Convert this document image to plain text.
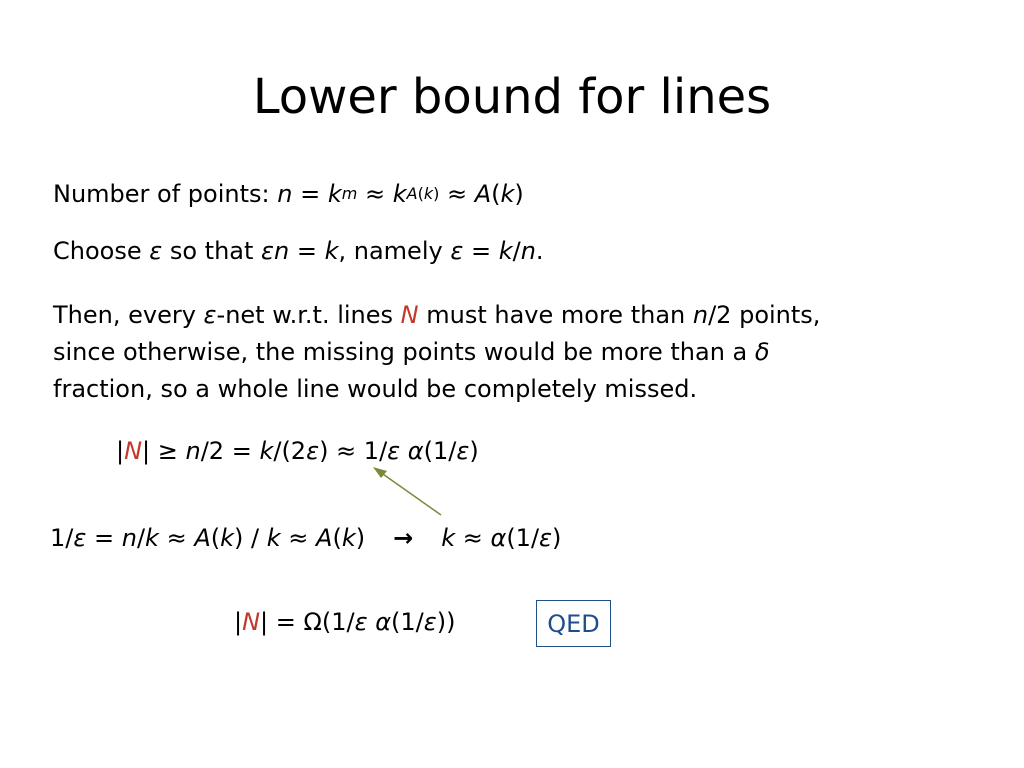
Lower bound for lines
Number of points: $n = k^m \approx k^{A(k)} \approx A(k)$
Choose ε so that εn = k, namely ε = k/n.
Then, every ε-net w.r.t. lines N must have more than n/2 points,
since otherwise, the missing points would be more than a δ
fraction, so a whole line would be completely missed.
|N| ≥ n/2 = k/(2ε) ≈ 1/ε α(1/ε)
1/ε = n/k ≈ A(k) / k ≈ A(k) → k ≈ α(1/ε)
|N| = Ω(1/ε α(1/ε))	QED
